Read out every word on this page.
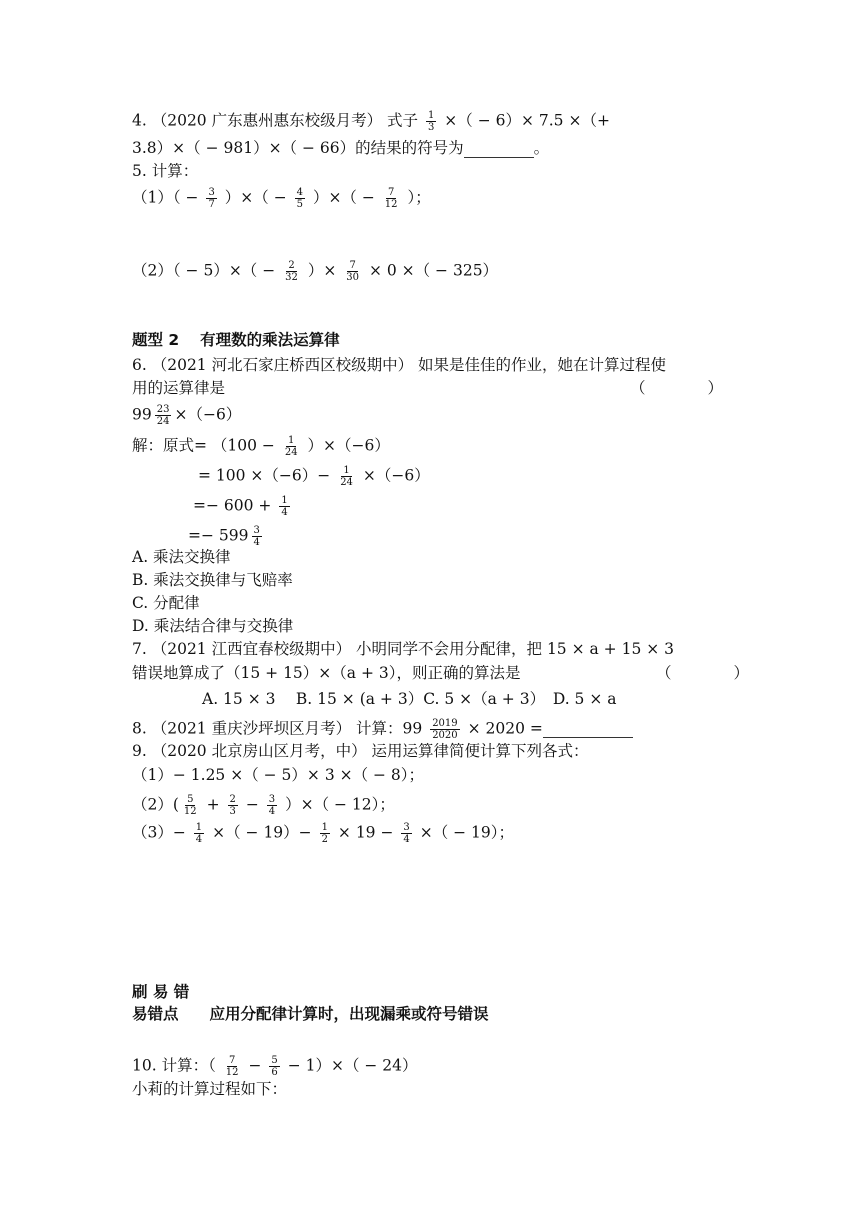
4. （2020 广东惠州惠东校级月考） 式子 $\frac{1}{3}$ ×（ − 6）× 7.5 ×（+
3.8）×（ − 981）×（ − 66）的结果的符号为	。
5. 计算：
$(1)( - \frac{3}{7}$ ）×（ − $\frac{4}{5}$ ）×（ − $\frac{7}{12}$ ）；
$(2)( - 5)\times( - \frac{2}{32}$ ）× $\frac{7}{30} \times 0$ ×（ − 325）
题型 2　 有理数的乘法运算律
6. （2021 河北石家庄桥西区校级期中） 如果是佳佳的作业，她在计算过程使
用的运算律是	（　　　　）
$99 \frac{23}{24} \times(-6)$
解：原式= $(100 - \frac{1}{24} )\times(-6)$
= $100 \times(-6)- \frac{1}{24} \times(-6)$
=− $600 + \frac{1}{4}$
=− $599 \frac{3}{4}$
A. 乘法交换律
B. 乘法交换律与飞赔率
C. 分配律
D. 乘法结合律与交换律
7. （2021 江西宜春校级期中） 小明同学不会用分配律，把 15 × a + 15 × 3
错误地算成了（15 + 15）×（a + 3），则正确的算法是	（　　　　）
A. 15 × 3　 B. 15 × (a + 3）C. 5 ×（a + 3）　D. 5 × a
8. （2021 重庆沙坪坝区月考） 计算：$99 \frac{2019}{2020} \times 2020$ =
9. （2020 北京房山区月考，中） 运用运算律简便计算下列各式：
（1）− 1.25 ×（ − 5）× 3 ×（ − 8）；
$(2)( \frac{5}{12} + \frac{2}{3} - \frac{3}{4}$ ）×（ − 12）；
$(3)- \frac{1}{4}$ ×（ − $19)- \frac{1}{2} \times 19 - \frac{3}{4}$ ×（ − 19）；
刷 易 错
易错点　　应用分配律计算时，出现漏乘或符号错误
10. 计算：（ $\frac{7}{12} - \frac{5}{6} - 1)\times( - 24)$
小莉的计算过程如下：
